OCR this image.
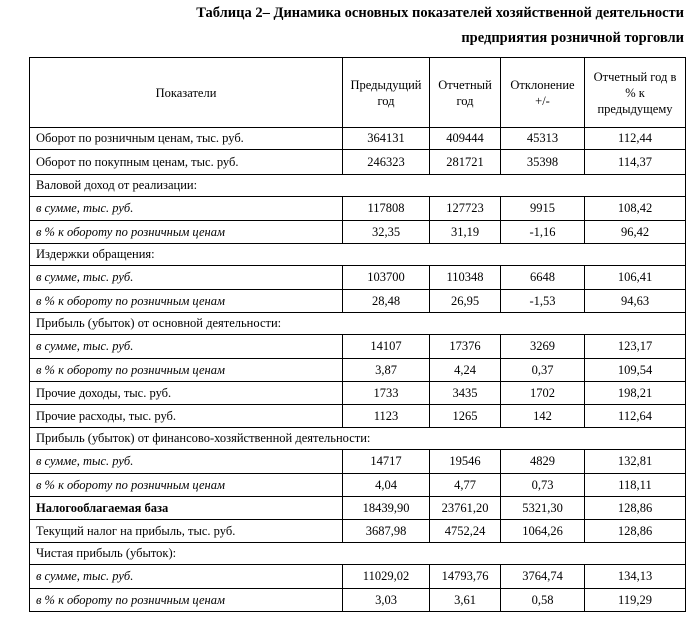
Таблица 2– Динамика основных показателей хозяйственной деятельности
предприятия розничной торговли
Показатели	Предыдущий год	Отчетный год	Отклонение +/-	Отчетный год в % к предыдущему
Оборот по розничным ценам, тыс. руб.	364131	409444	45313	112,44
Оборот по покупным ценам, тыс. руб.	246323	281721	35398	114,37
Валовой доход от реализации:				
в сумме, тыс. руб.	117808	127723	9915	108,42
в % к обороту по розничным ценам	32,35	31,19	-1,16	96,42
Издержки обращения:				
в сумме, тыс. руб.	103700	110348	6648	106,41
в % к обороту по розничным ценам	28,48	26,95	-1,53	94,63
Прибыль (убыток) от основной деятельности:				
в сумме, тыс. руб.	14107	17376	3269	123,17
в % к обороту по розничным ценам	3,87	4,24	0,37	109,54
Прочие доходы, тыс. руб.	1733	3435	1702	198,21
Прочие расходы, тыс. руб.	1123	1265	142	112,64
Прибыль (убыток) от финансово-хозяйственной деятельности:				
в сумме, тыс. руб.	14717	19546	4829	132,81
в % к обороту по розничным ценам	4,04	4,77	0,73	118,11
Налогооблагаемая база	18439,90	23761,20	5321,30	128,86
Текущий налог на прибыль, тыс. руб.	3687,98	4752,24	1064,26	128,86
Чистая прибыль (убыток):				
в сумме, тыс. руб.	11029,02	14793,76	3764,74	134,13
в % к обороту по розничным ценам	3,03	3,61	0,58	119,29
